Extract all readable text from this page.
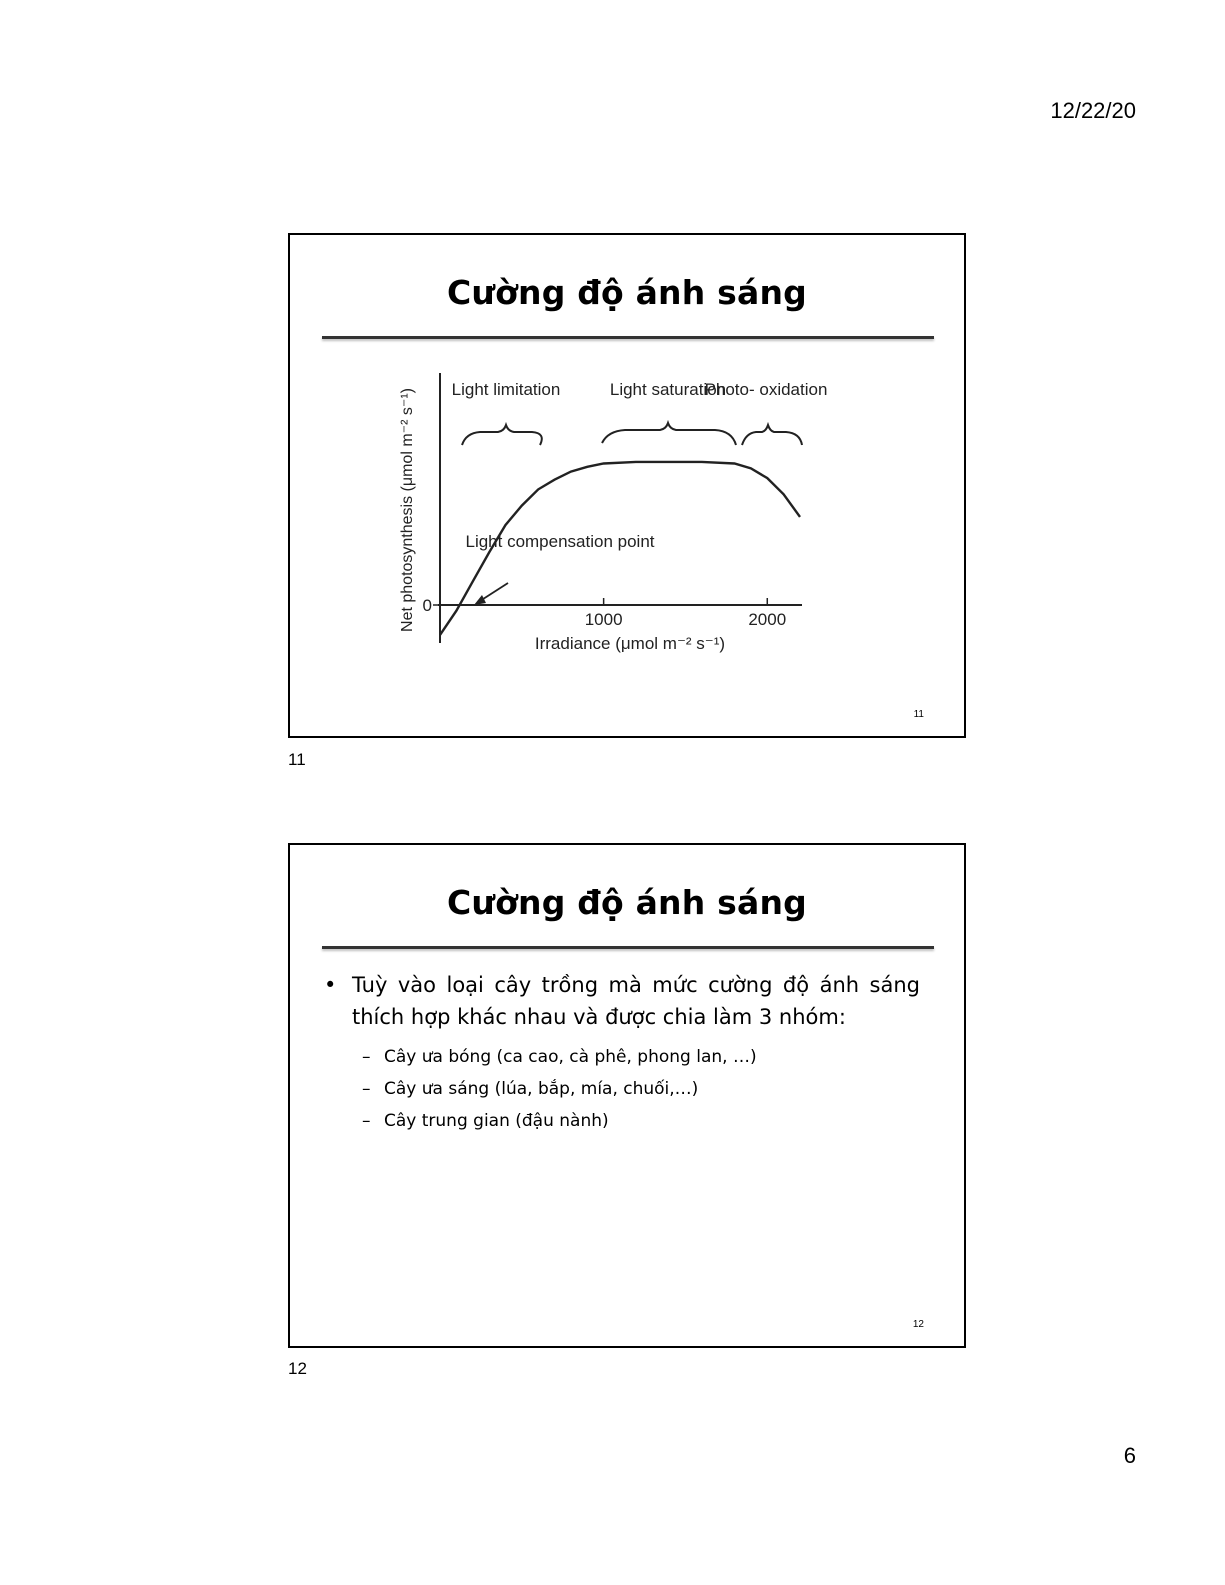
12/22/20
Cường độ ánh sáng
1000	2000
0
Irradiance (μmol m⁻² s⁻¹)
Net photosynthesis (μmol m⁻² s⁻¹) Light limitation	Light saturation
Photo- oxidation
Light compensation point
11
11
Cường độ ánh sáng
• Tuỳ vào loại cây trồng mà mức cường độ ánh sáng thích hợp khác nhau và được chia làm 3 nhóm:
– Cây ưa bóng (ca cao, cà phê, phong lan, …)
– Cây ưa sáng (lúa, bắp, mía, chuối,…)
– Cây trung gian (đậu nành)
12
12
6
